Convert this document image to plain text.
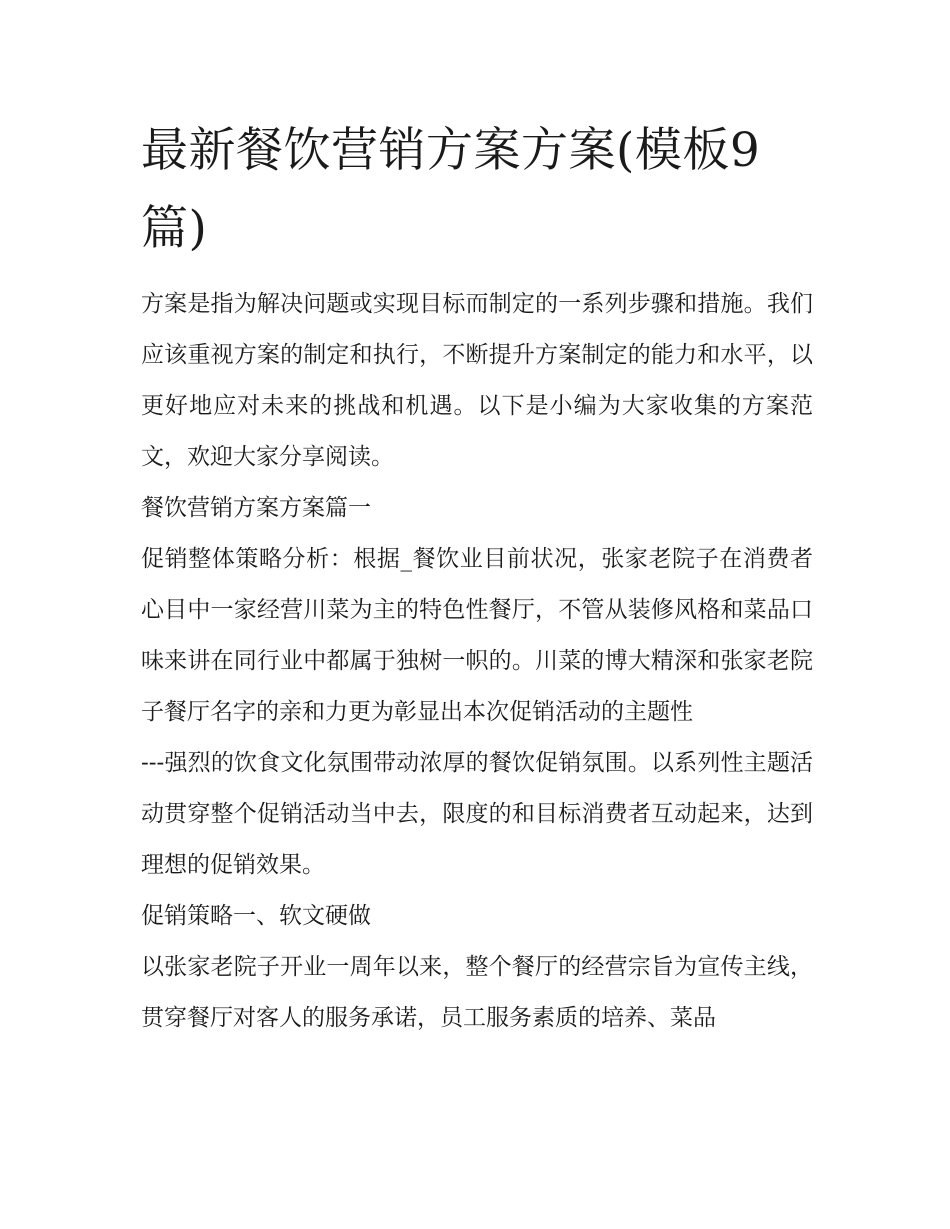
最新餐饮营销方案方案(模板9篇)

方案是指为解决问题或实现目标而制定的一系列步骤和措施。我们应该重视方案的制定和执行，不断提升方案制定的能力和水平，以更好地应对未来的挑战和机遇。以下是小编为大家收集的方案范文，欢迎大家分享阅读。

餐饮营销方案方案篇一

促销整体策略分析：根据_餐饮业目前状况，张家老院子在消费者心目中一家经营川菜为主的特色性餐厅，不管从装修风格和菜品口味来讲在同行业中都属于独树一帜的。川菜的博大精深和张家老院子餐厅名字的亲和力更为彰显出本次促销活动的主题性

---强烈的饮食文化氛围带动浓厚的餐饮促销氛围。以系列性主题活动贯穿整个促销活动当中去，限度的和目标消费者互动起来，达到理想的促销效果。

促销策略一、软文硬做

以张家老院子开业一周年以来，整个餐厅的经营宗旨为宣传主线，贯穿餐厅对客人的服务承诺，员工服务素质的培养、菜品
